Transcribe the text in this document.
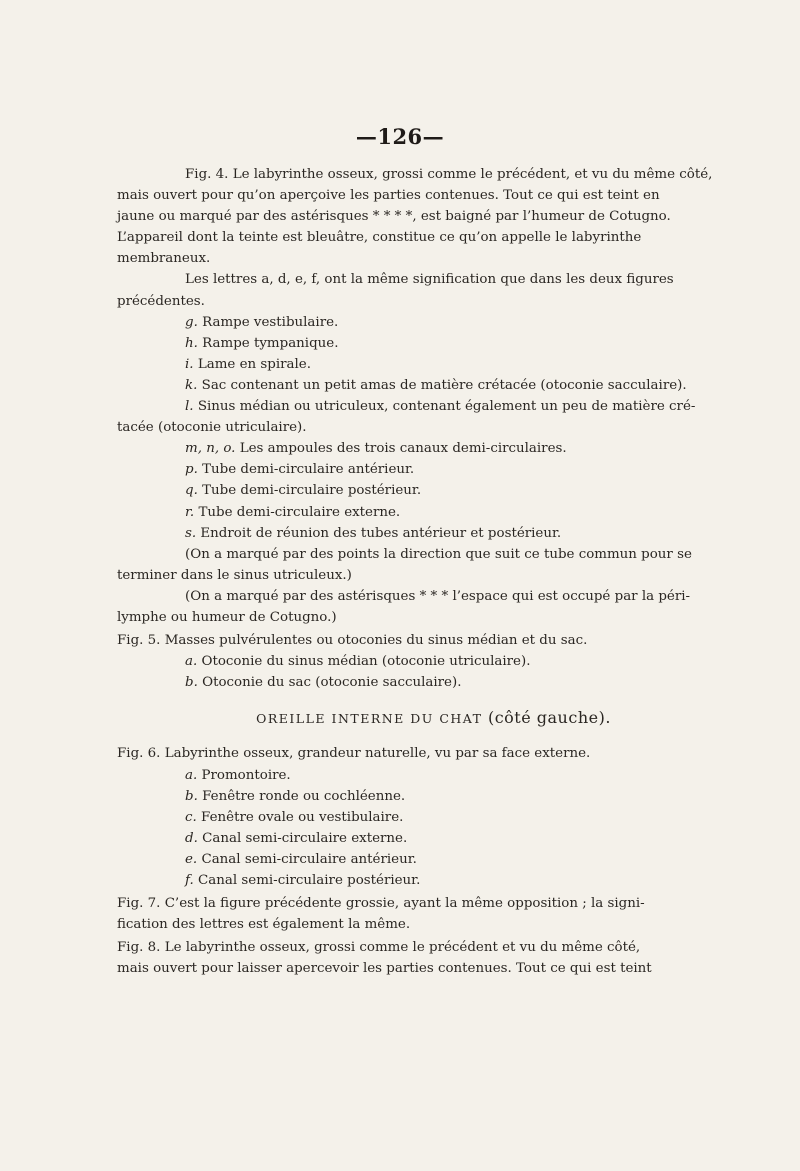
—126—

Fig. 4. Le labyrinthe osseux, grossi comme le précédent, et vu du même côté,

mais ouvert pour qu’on aperçoive les parties contenues. Tout ce qui est teint en

jaune ou marqué par des astérisques * * * *, est baigné par l’humeur de Cotugno.

L’appareil dont la teinte est bleuâtre, constitue ce qu’on appelle le labyrinthe

membraneux.

Les lettres a, d, e, f, ont la même signification que dans les deux figures

précédentes.

g. Rampe vestibulaire.

h. Rampe tympanique.

i. Lame en spirale.

k. Sac contenant un petit amas de matière crétacée (otoconie sacculaire).

l. Sinus médian ou utriculeux, contenant également un peu de matière cré-

tacée (otoconie utriculaire).

m, n, o. Les ampoules des trois canaux demi-circulaires.

p. Tube demi-circulaire antérieur.

q. Tube demi-circulaire postérieur.

r. Tube demi-circulaire externe.

s. Endroit de réunion des tubes antérieur et postérieur.

(On a marqué par des points la direction que suit ce tube commun pour se

terminer dans le sinus utriculeux.)

(On a marqué par des astérisques * * * l’espace qui est occupé par la péri-

lymphe ou humeur de Cotugno.)

Fig. 5. Masses pulvérulentes ou otoconies du sinus médian et du sac.

a. Otoconie du sinus médian (otoconie utriculaire).

b. Otoconie du sac (otoconie sacculaire).

OREILLE INTERNE DU CHAT (côté gauche).

Fig. 6. Labyrinthe osseux, grandeur naturelle, vu par sa face externe.

a. Promontoire.

b. Fenêtre ronde ou cochléenne.

c. Fenêtre ovale ou vestibulaire.

d. Canal semi-circulaire externe.

e. Canal semi-circulaire antérieur.

f. Canal semi-circulaire postérieur.

Fig. 7. C’est la figure précédente grossie, ayant la même opposition ; la signi-

fication des lettres est également la même.

Fig. 8. Le labyrinthe osseux, grossi comme le précédent et vu du même côté,

mais ouvert pour laisser apercevoir les parties contenues. Tout ce qui est teint
